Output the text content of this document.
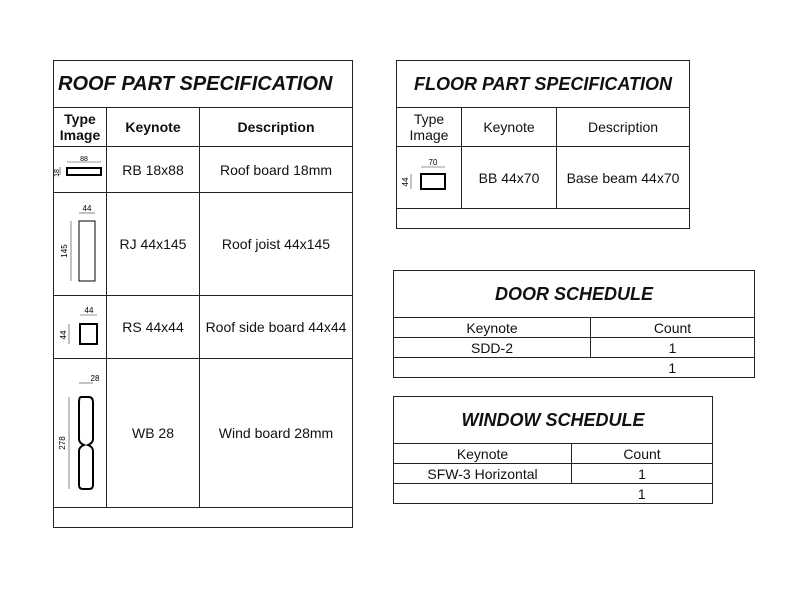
ROOF PART SPECIFICATION		
Type Image	Keynote	Description

88
18	RB 18x88	Roof board 18mm

44
145	RJ 44x145	Roof joist 44x145

44
44	RS 44x44	Roof side board 44x44

28
278	WB 28	Wind board 28mm

FLOOR PART SPECIFICATION		
Type Image	Keynote	Description

70
44	BB 44x70	Base beam 44x70

DOOR SCHEDULE	
Keynote	Count
SDD-2	1
	1
WINDOW SCHEDULE	
Keynote	Count
SFW-3 Horizontal	1
	1
